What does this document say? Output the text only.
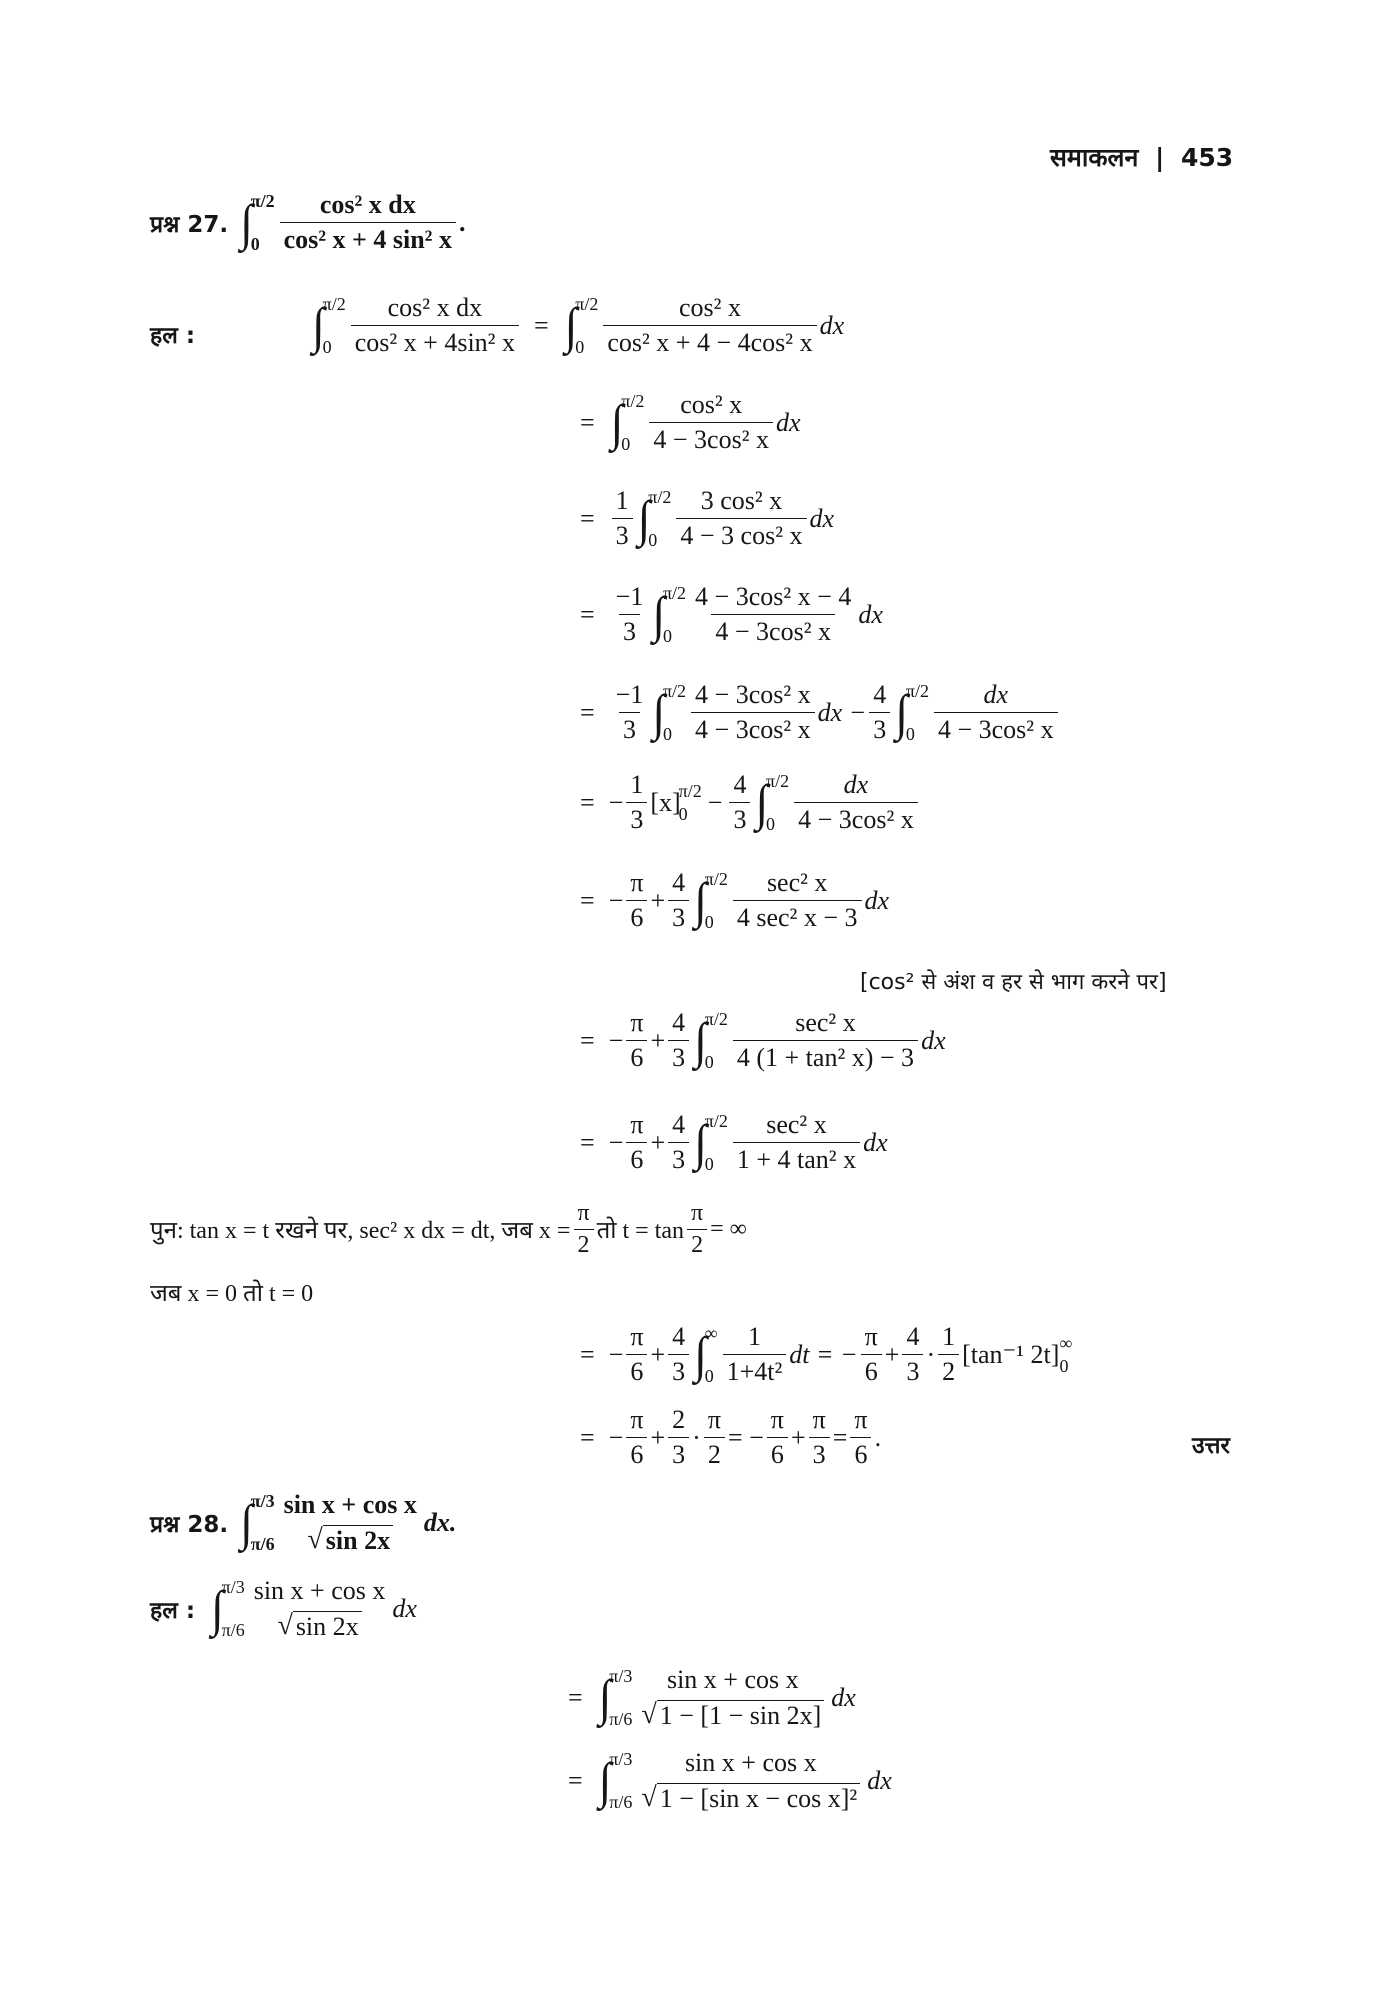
समाकलन | 453
प्रश्न 27. ∫
π/2
$0 \frac{\text{cos² x dx}}{\text{cos² x + 4 sin² x}}$ .
हल :	∫
π/2
$0 \frac{\text{cos² x dx}}{\text{cos² x + 4sin² x}}$ = ∫
π/2
$0 \frac{\text{cos² x}}{\text{cos² x + 4 − 4cos² x}}$ dx
= ∫
π/2
$0 \frac{\text{cos² x}}{\text{4 − 3cos² x}}$ dx
= $\frac{1}{3}$ ∫
π/2
$0 \frac{\text{3 cos² x}}{\text{4 − 3 cos² x}}$ dx
= $\frac{-1}{3}$ ∫
π/2
$0 \frac{\text{4 − 3cos² x − 4}}{\text{4 − 3cos² x}}$ dx
= $\frac{-1}{3}$ ∫
π/2
$0 \frac{\text{4 − 3cos² x}}{\text{4 − 3cos² x}}$ dx − $\frac{4}{3}$ ∫
π/2
$0 \frac{dx}{\text{4 − 3cos² x}}$
= − $\frac{1}{3} [x]$
π/2
$0 - \frac{4}{3}$ ∫
π/2
$0 \frac{dx}{\text{4 − 3cos² x}}$
= − $\frac{\pi}{6} + \frac{4}{3}$ ∫
π/2
$0 \frac{\text{sec² x}}{\text{4 sec² x − 3}}$ dx
[cos² से अंश व हर से भाग करने पर]
= − $\frac{\pi}{6} + \frac{4}{3}$ ∫
π/2
$0 \frac{\text{sec² x}}{\text{4 (1 + tan² x) − 3}}$ dx
= − $\frac{\pi}{6} + \frac{4}{3}$ ∫
π/2
$0 \frac{\text{sec² x}}{\text{1 + 4 tan² x}}$ dx
पुन: tan x = t रखने पर, sec² x dx = dt, जब $x = \frac{\pi}{2}$ तो $t = \tan \frac{\pi}{2}$ = ∞
जब x = 0 तो t = 0
= − $\frac{\pi}{6} + \frac{4}{3}$ ∫
∞
$0 \frac{1}{\text{1+4t²}}$ dt = − $\frac{\pi}{6} + \frac{4}{3} \cdot \frac{1}{2} [\tan^{-1}$ 2t] ∞
0
= − $\frac{\pi}{6} + \frac{2}{3} \cdot \frac{\pi}{2}$ = − $\frac{\pi}{6} + \frac{\pi}{3} = \frac{\pi}{6}$ .	उत्तर
प्रश्न 28. ∫
π/3
π/6
sin x + cos x
√ sin 2x
dx.
हल : ∫
π/3
π/6
sin x + cos x
√ sin 2x
dx
= ∫
π/3
π/6
sin x + cos x
√ 1 − [1 − sin 2x]
dx
= ∫
π/3
π/6
sin x + cos x
√ 1 − [sin x − cos x]²
dx
